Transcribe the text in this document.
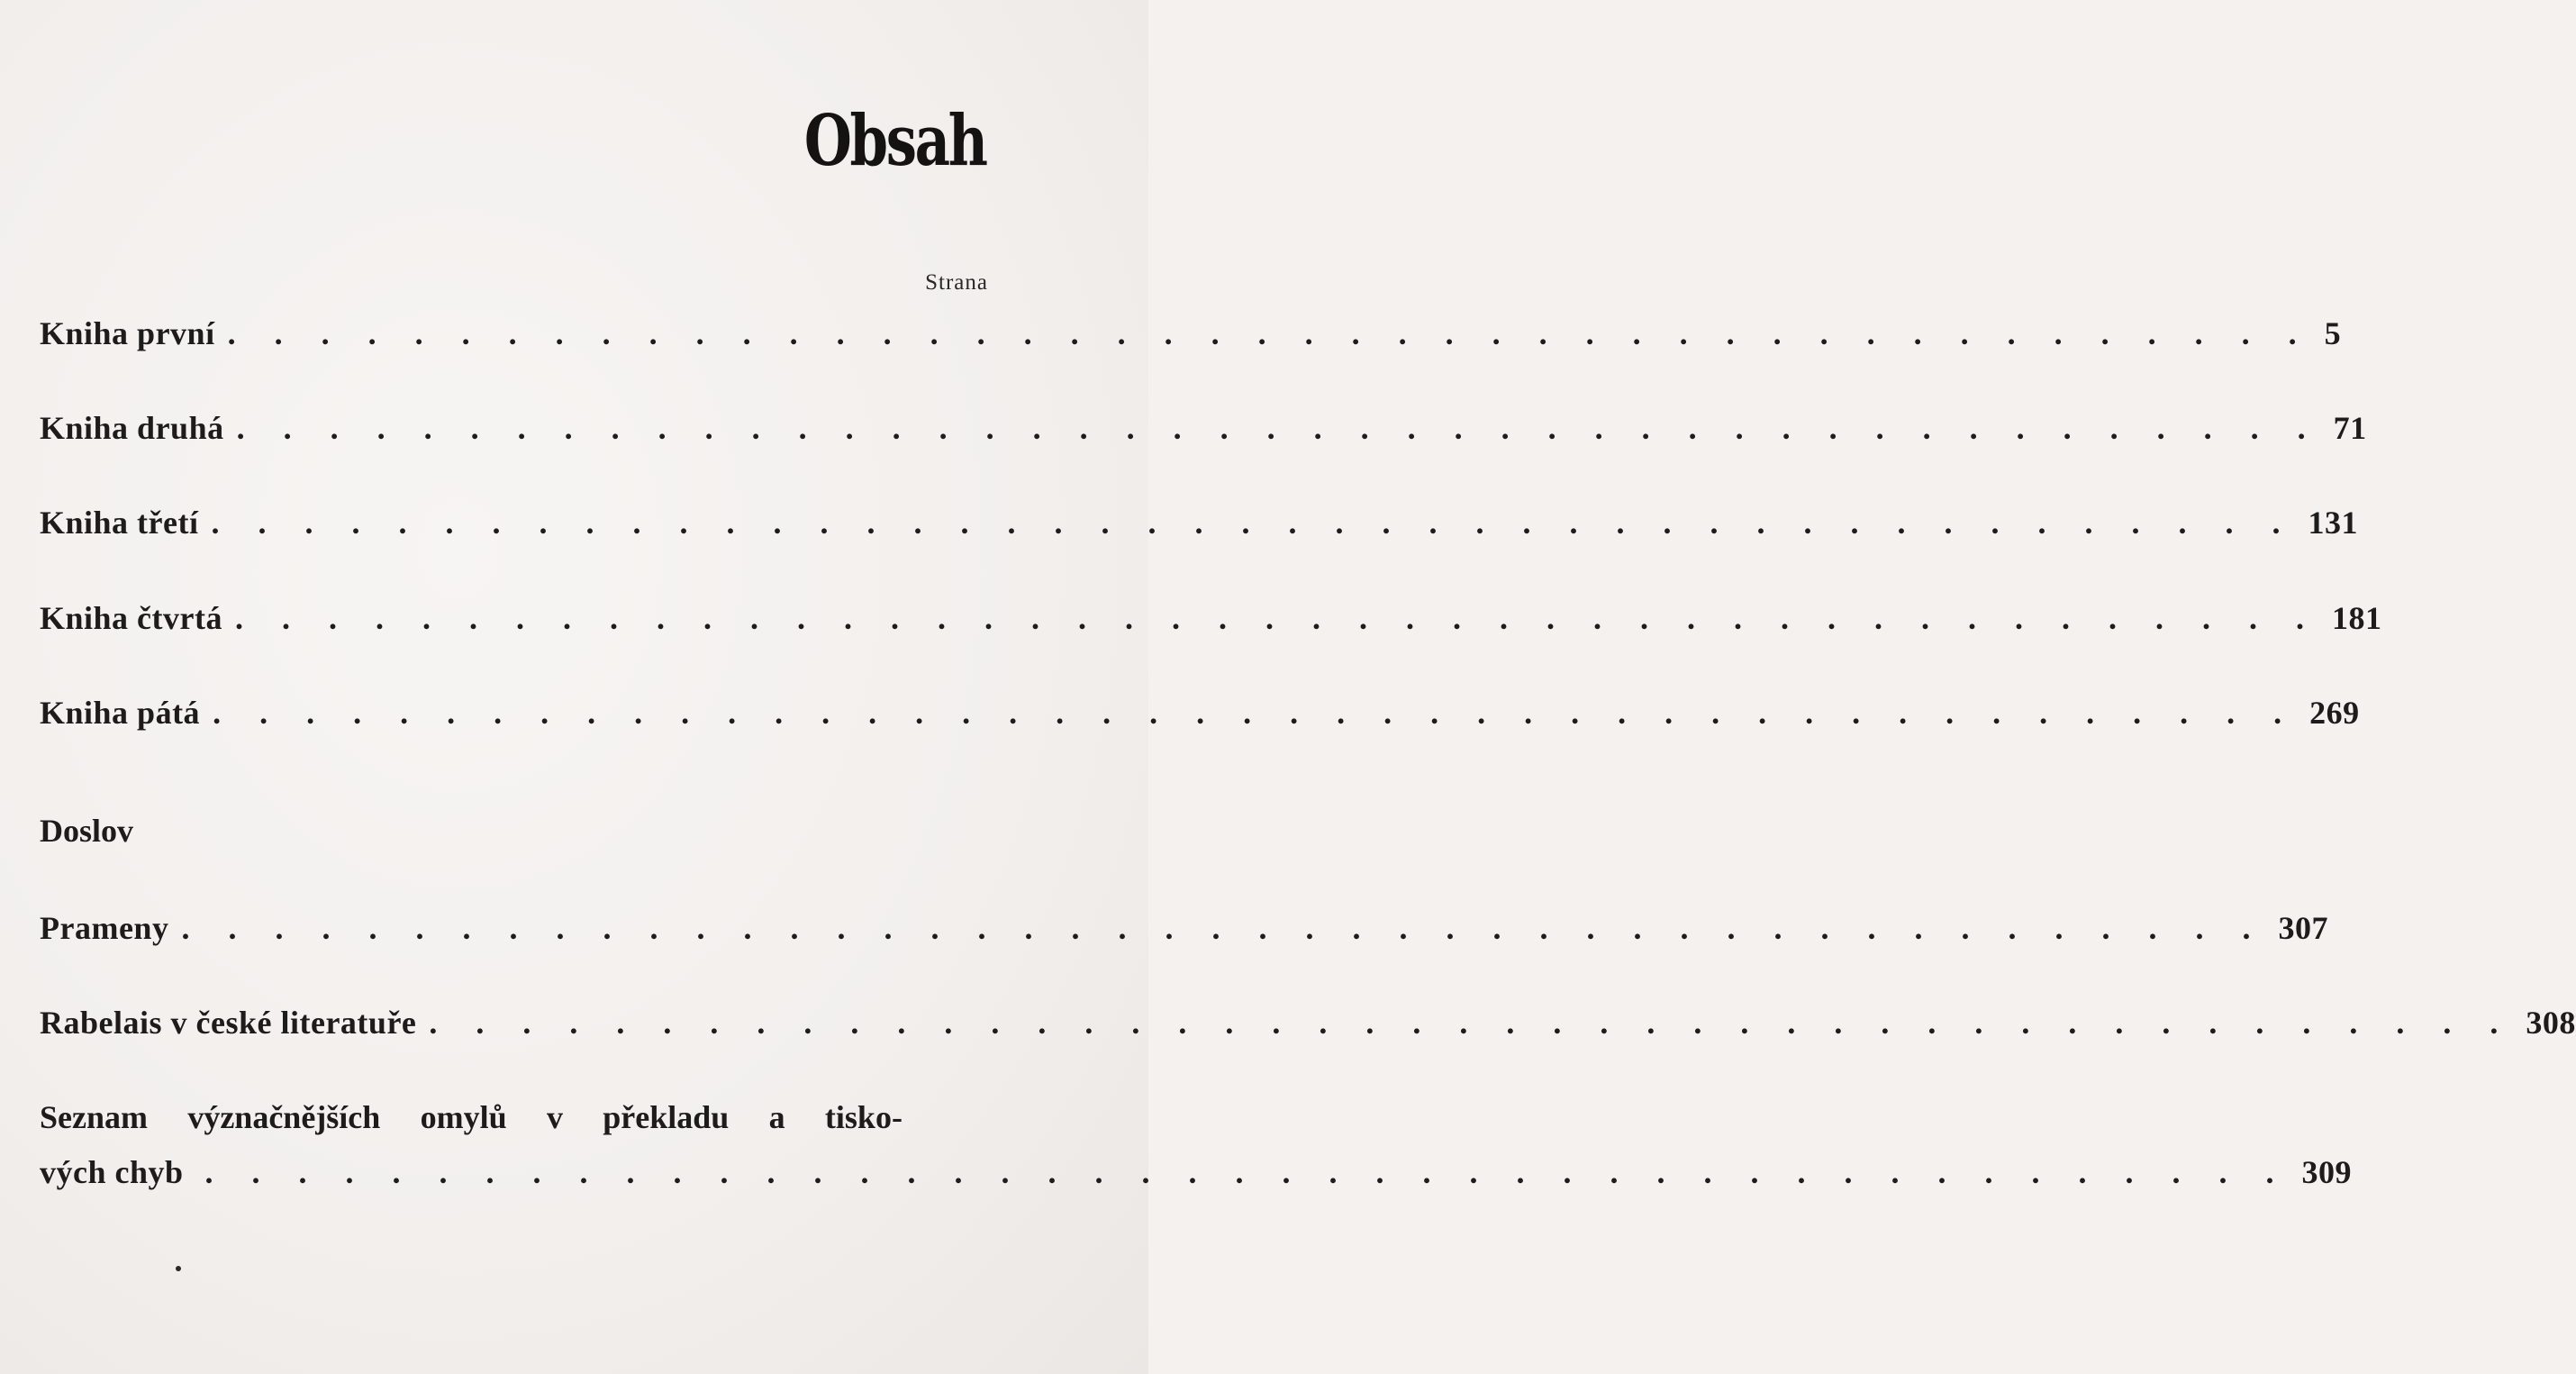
Obsah
Strana
Kniha první . . . . . . . . . . . . . . . . . . . . . . . . . . . . . . . . . . . . . . . . . . . . . 5
Kniha druhá . . . . . . . . . . . . . . . . . . . . . . . . . . . . . . . . . . . . . . . . . . . . . 71
Kniha třetí . . . . . . . . . . . . . . . . . . . . . . . . . . . . . . . . . . . . . . . . . . . . . 131
Kniha čtvrtá . . . . . . . . . . . . . . . . . . . . . . . . . . . . . . . . . . . . . . . . . . . . . 181
Kniha pátá . . . . . . . . . . . . . . . . . . . . . . . . . . . . . . . . . . . . . . . . . . . . . 269
Doslov
Prameny . . . . . . . . . . . . . . . . . . . . . . . . . . . . . . . . . . . . . . . . . . . . . 307
Rabelais v české literatuře . . . . . . . . . . . . . . . . . . . . . . . . . . . . . . . . . . . . . . . . . . . . . 308
Seznam význačnějších omylů v překladu a tisko-
vých chyb . . . . . . . . . . . . . . . . . . . . . . . . . . . . . . . . . . . . . . . . . . . . . 309
